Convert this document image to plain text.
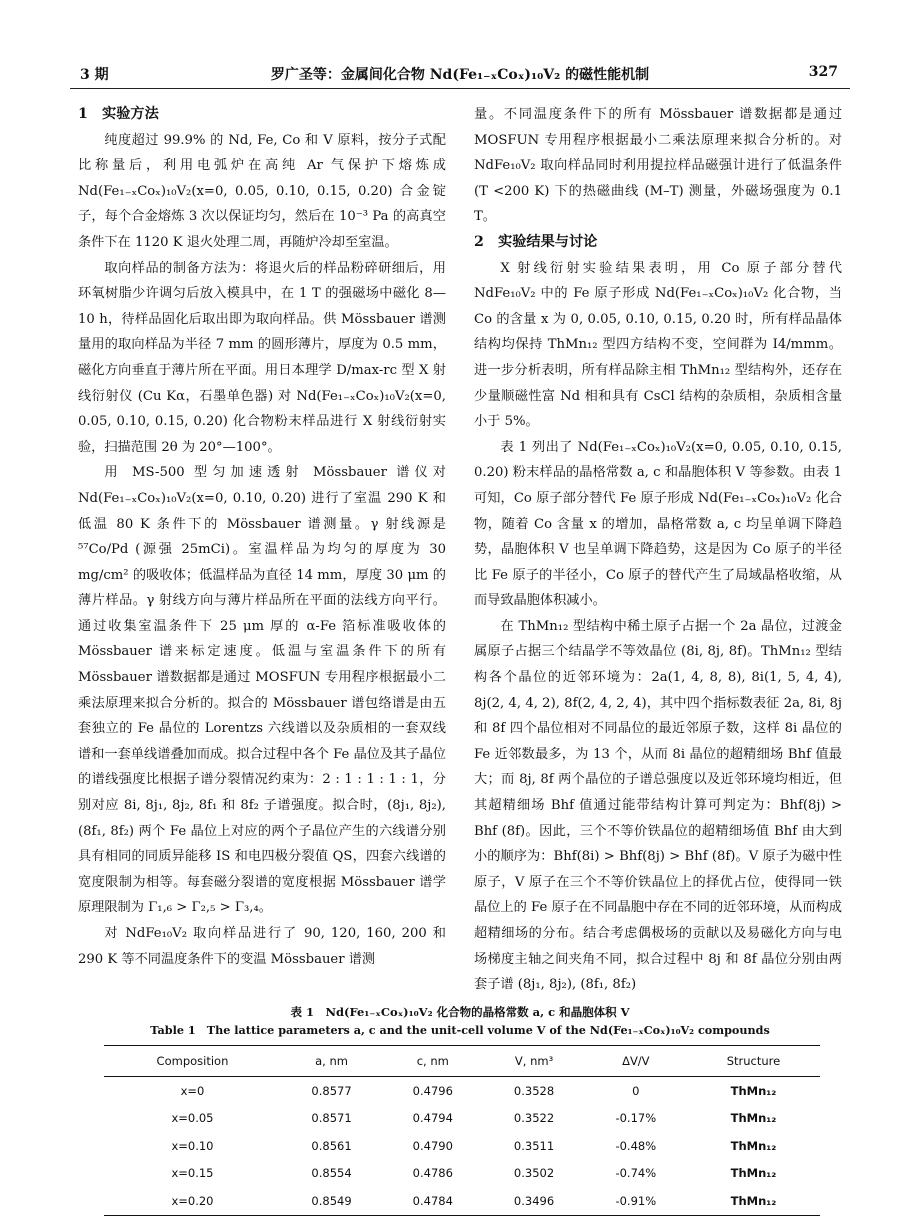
3 期	罗广圣等：金属间化合物 Nd(Fe₁₋ₓCoₓ)₁₀V₂ 的磁性能机制	327
1　实验方法

纯度超过 99.9% 的 Nd, Fe, Co 和 V 原料，按分子式配比称量后，利用电弧炉在高纯 Ar 气保护下熔炼成 Nd(Fe₁₋ₓCoₓ)₁₀V₂(x=0, 0.05, 0.10, 0.15, 0.20) 合金锭子，每个合金熔炼 3 次以保证均匀，然后在 10⁻³ Pa 的高真空条件下在 1120 K 退火处理二周，再随炉冷却至室温。

取向样品的制备方法为：将退火后的样品粉碎研细后，用环氧树脂少许调匀后放入模具中，在 1 T 的强磁场中磁化 8—10 h，待样品固化后取出即为取向样品。供 Mössbauer 谱测量用的取向样品为半径 7 mm 的圆形薄片，厚度为 0.5 mm，磁化方向垂直于薄片所在平面。用日本理学 D/max-rc 型 X 射线衍射仪 (Cu Kα，石墨单色器) 对 Nd(Fe₁₋ₓCoₓ)₁₀V₂(x=0, 0.05, 0.10, 0.15, 0.20) 化合物粉末样品进行 X 射线衍射实验，扫描范围 2θ 为 20°—100°。

用 MS-500 型匀加速透射 Mössbauer 谱仪对 Nd(Fe₁₋ₓCoₓ)₁₀V₂(x=0, 0.10, 0.20) 进行了室温 290 K 和低温 80 K 条件下的 Mössbauer 谱测量。γ 射线源是 ⁵⁷Co/Pd (源强 25mCi)。室温样品为均匀的厚度为 30 mg/cm² 的吸收体；低温样品为直径 14 mm，厚度 30 μm 的薄片样品。γ 射线方向与薄片样品所在平面的法线方向平行。通过收集室温条件下 25 μm 厚的 α-Fe 箔标准吸收体的 Mössbauer 谱来标定速度。低温与室温条件下的所有 Mössbauer 谱数据都是通过 MOSFUN 专用程序根据最小二乘法原理来拟合分析的。拟合的 Mössbauer 谱包络谱是由五套独立的 Fe 晶位的 Lorentzs 六线谱以及杂质相的一套双线谱和一套单线谱叠加而成。拟合过程中各个 Fe 晶位及其子晶位的谱线强度比根据子谱分裂情况约束为：2 : 1 : 1 : 1 : 1，分别对应 8i, 8j₁, 8j₂, 8f₁ 和 8f₂ 子谱强度。拟合时，(8j₁, 8j₂), (8f₁, 8f₂) 两个 Fe 晶位上对应的两个子晶位产生的六线谱分别具有相同的同质异能移 IS 和电四极分裂值 QS，四套六线谱的宽度限制为相等。每套磁分裂谱的宽度根据 Mössbauer 谱学原理限制为 Γ₁,₆ > Γ₂,₅ > Γ₃,₄。

对 NdFe₁₀V₂ 取向样品进行了 90, 120, 160, 200 和 290 K 等不同温度条件下的变温 Mössbauer 谱测

量。不同温度条件下的所有 Mössbauer 谱数据都是通过 MOSFUN 专用程序根据最小二乘法原理来拟合分析的。对 NdFe₁₀V₂ 取向样品同时利用提拉样品磁强计进行了低温条件 (T <200 K) 下的热磁曲线 (M–T) 测量，外磁场强度为 0.1 T。

2　实验结果与讨论

X 射线衍射实验结果表明，用 Co 原子部分替代 NdFe₁₀V₂ 中的 Fe 原子形成 Nd(Fe₁₋ₓCoₓ)₁₀V₂ 化合物，当 Co 的含量 x 为 0, 0.05, 0.10, 0.15, 0.20 时，所有样品晶体结构均保持 ThMn₁₂ 型四方结构不变，空间群为 I4/mmm。进一步分析表明，所有样品除主相 ThMn₁₂ 型结构外，还存在少量顺磁性富 Nd 相和具有 CsCl 结构的杂质相，杂质相含量小于 5%。

表 1 列出了 Nd(Fe₁₋ₓCoₓ)₁₀V₂(x=0, 0.05, 0.10, 0.15, 0.20) 粉末样品的晶格常数 a, c 和晶胞体积 V 等参数。由表 1 可知，Co 原子部分替代 Fe 原子形成 Nd(Fe₁₋ₓCoₓ)₁₀V₂ 化合物，随着 Co 含量 x 的增加，晶格常数 a, c 均呈单调下降趋势，晶胞体积 V 也呈单调下降趋势，这是因为 Co 原子的半径比 Fe 原子的半径小，Co 原子的替代产生了局域晶格收缩，从而导致晶胞体积减小。

在 ThMn₁₂ 型结构中稀土原子占据一个 2a 晶位，过渡金属原子占据三个结晶学不等效晶位 (8i, 8j, 8f)。ThMn₁₂ 型结构各个晶位的近邻环境为：2a(1, 4, 8, 8), 8i(1, 5, 4, 4), 8j(2, 4, 4, 2), 8f(2, 4, 2, 4)，其中四个指标数表征 2a, 8i, 8j 和 8f 四个晶位相对不同晶位的最近邻原子数，这样 8i 晶位的 Fe 近邻数最多，为 13 个，从而 8i 晶位的超精细场 Bhf 值最大；而 8j, 8f 两个晶位的子谱总强度以及近邻环境均相近，但其超精细场 Bhf 值通过能带结构计算可判定为：Bhf(8j) > Bhf (8f)。因此，三个不等价铁晶位的超精细场值 Bhf 由大到小的顺序为：Bhf(8i) > Bhf(8j) > Bhf (8f)。V 原子为磁中性原子，V 原子在三个不等价铁晶位上的择优占位，使得同一铁晶位上的 Fe 原子在不同晶胞中存在不同的近邻环境，从而构成超精细场的分布。结合考虑偶极场的贡献以及易磁化方向与电场梯度主轴之间夹角不同，拟合过程中 8j 和 8f 晶位分别由两套子谱 (8j₁, 8j₂), (8f₁, 8f₂)

表 1　Nd(Fe₁₋ₓCoₓ)₁₀V₂ 化合物的晶格常数 a, c 和晶胞体积 V
Table 1　The lattice parameters a, c and the unit-cell volume V of the Nd(Fe₁₋ₓCoₓ)₁₀V₂ compounds
Composition	a, nm	c, nm	V, nm³	ΔV/V	Structure
x=0	0.8577	0.4796	0.3528	0	ThMn₁₂
x=0.05	0.8571	0.4794	0.3522	-0.17%	ThMn₁₂
x=0.10	0.8561	0.4790	0.3511	-0.48%	ThMn₁₂
x=0.15	0.8554	0.4786	0.3502	-0.74%	ThMn₁₂
x=0.20	0.8549	0.4784	0.3496	-0.91%	ThMn₁₂
